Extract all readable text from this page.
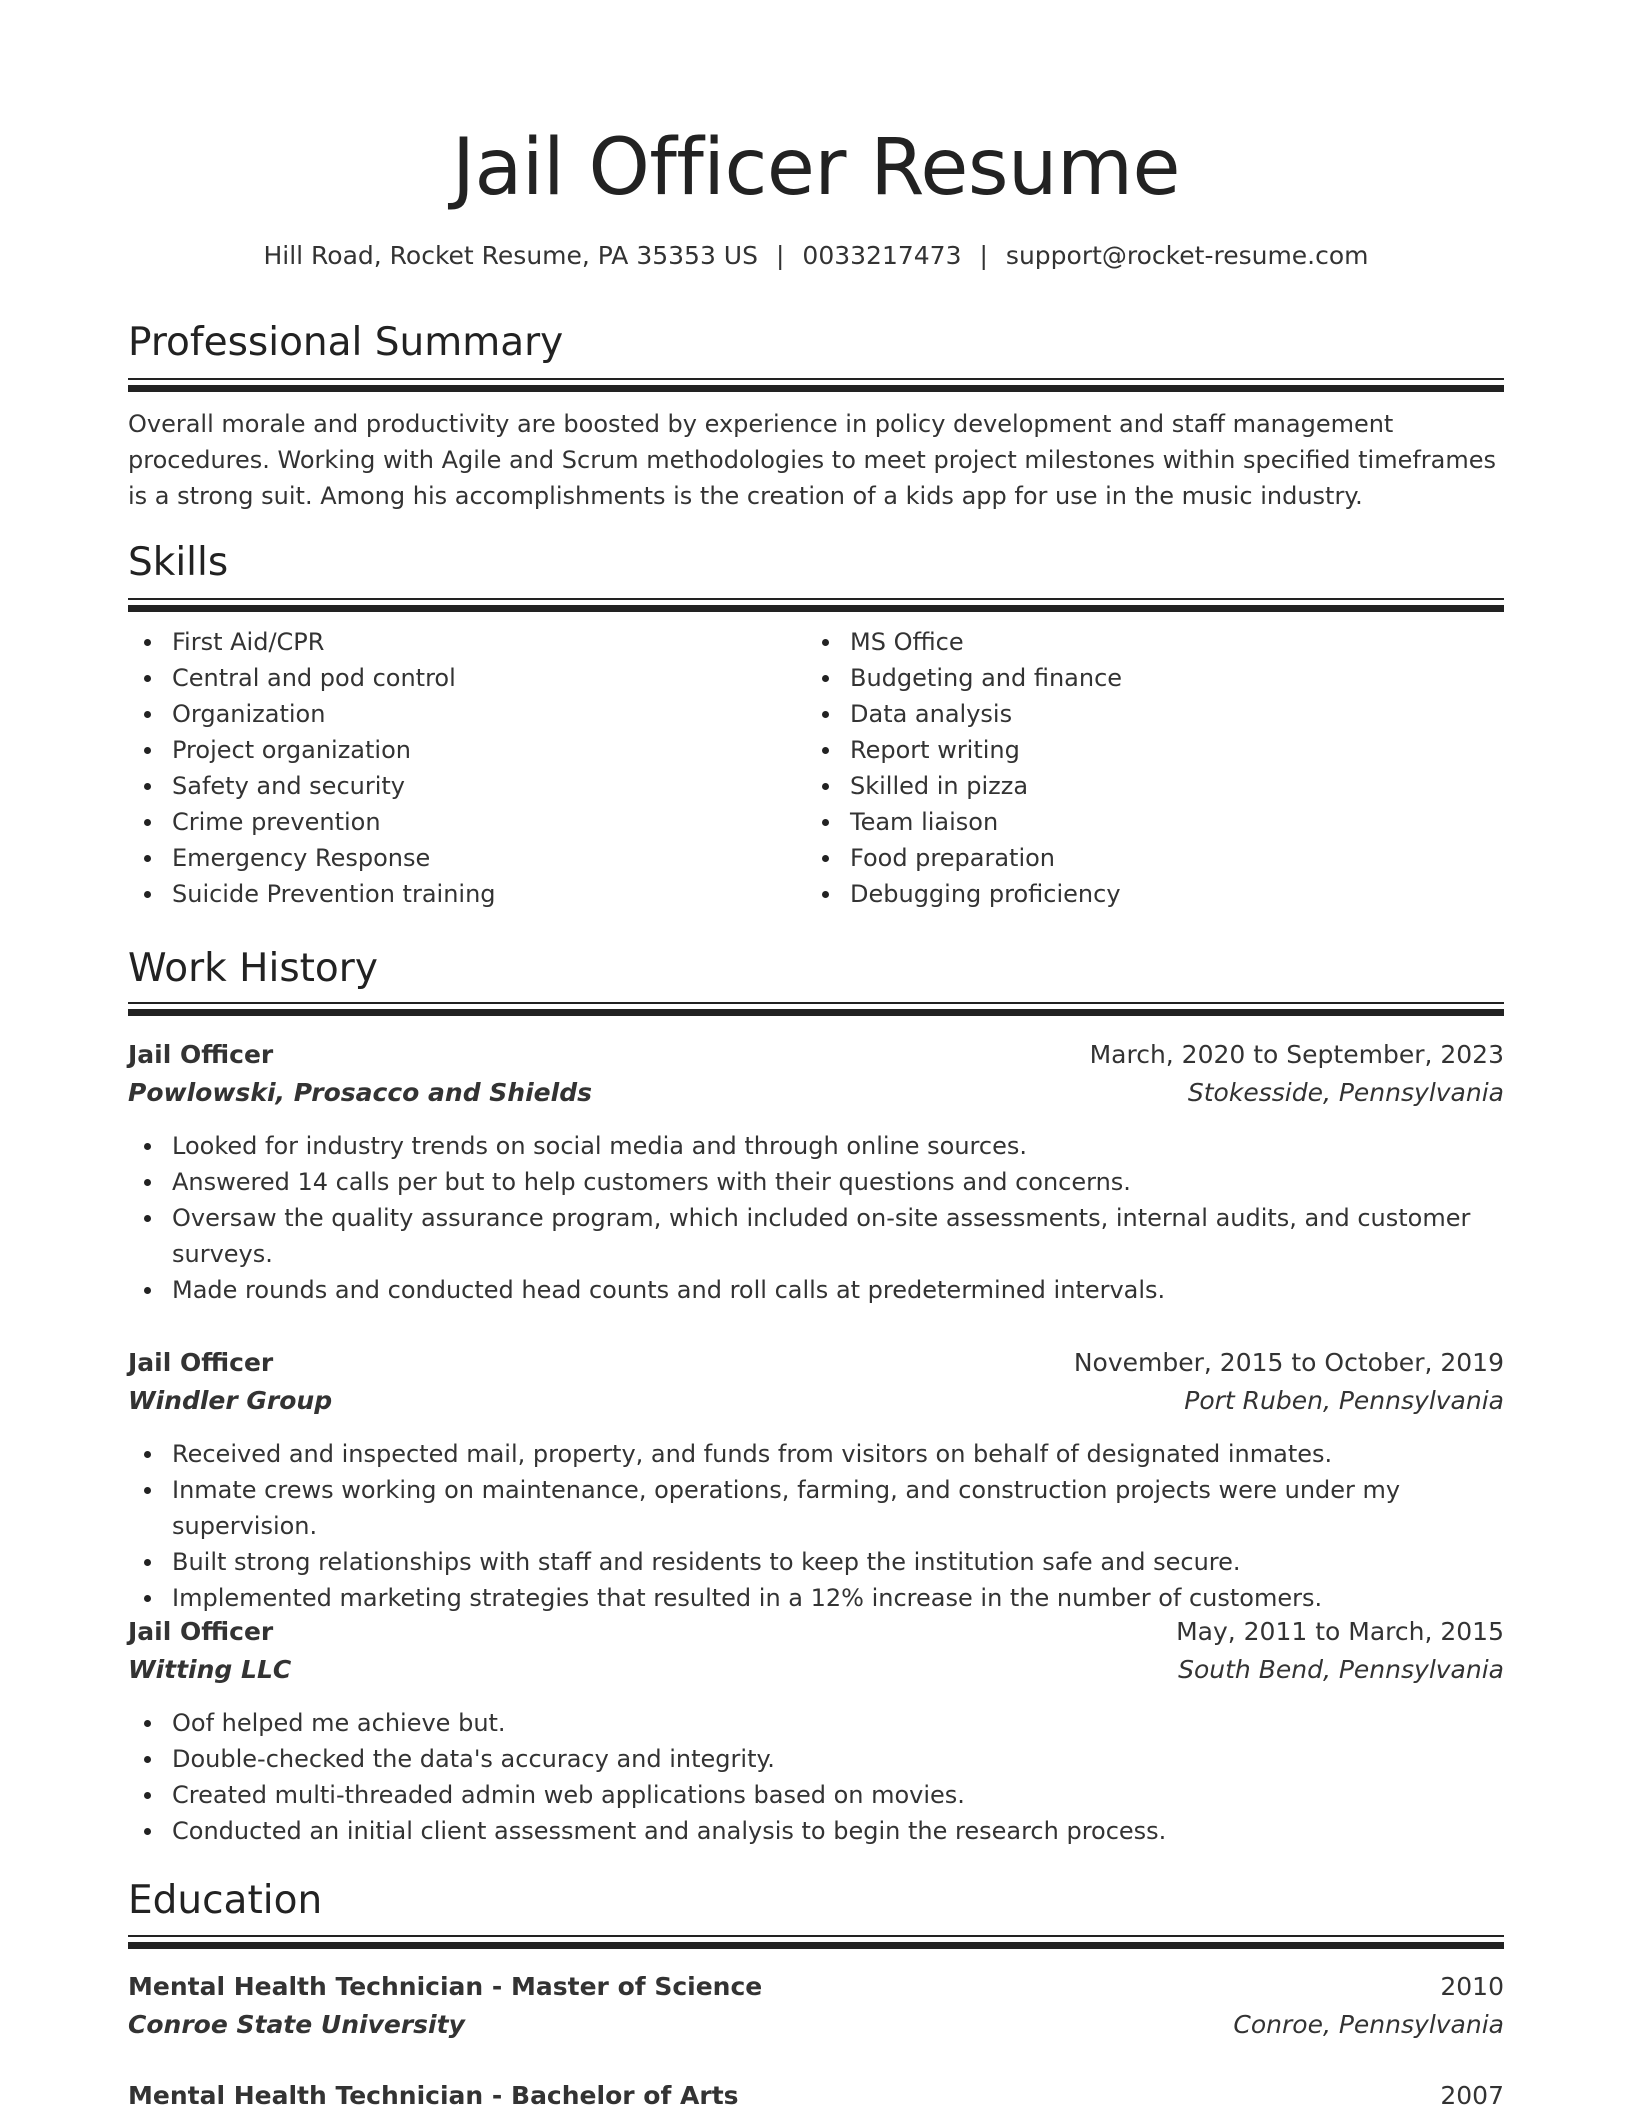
Jail Officer Resume
Hill Road, Rocket Resume, PA 35353 US | 0033217473 | support@rocket-resume.com
Professional Summary

Overall morale and productivity are boosted by experience in policy development and staff management procedures. Working with Agile and Scrum methodologies to meet project milestones within specified timeframes is a strong suit. Among his accomplishments is the creation of a kids app for use in the music industry.

Skills
First Aid/CPR
Central and pod control
Organization
Project organization
Safety and security
Crime prevention
Emergency Response
Suicide Prevention training
MS Office
Budgeting and finance
Data analysis
Report writing
Skilled in pizza
Team liaison
Food preparation
Debugging proficiency
Work History
Jail Officer	March, 2020 to September, 2023
Powlowski, Prosacco and Shields	Stokesside, Pennsylvania
Looked for industry trends on social media and through online sources.
Answered 14 calls per but to help customers with their questions and concerns.
Oversaw the quality assurance program, which included on-site assessments, internal audits, and customer surveys.
Made rounds and conducted head counts and roll calls at predetermined intervals.
Jail Officer	November, 2015 to October, 2019
Windler Group	Port Ruben, Pennsylvania
Received and inspected mail, property, and funds from visitors on behalf of designated inmates.
Inmate crews working on maintenance, operations, farming, and construction projects were under my supervision.
Built strong relationships with staff and residents to keep the institution safe and secure.
Implemented marketing strategies that resulted in a 12% increase in the number of customers.
Jail Officer	May, 2011 to March, 2015
Witting LLC	South Bend, Pennsylvania
Oof helped me achieve but.
Double-checked the data's accuracy and integrity.
Created multi-threaded admin web applications based on movies.
Conducted an initial client assessment and analysis to begin the research process.
Education
Mental Health Technician - Master of Science	2010
Conroe State University	Conroe, Pennsylvania
Mental Health Technician - Bachelor of Arts	2007
